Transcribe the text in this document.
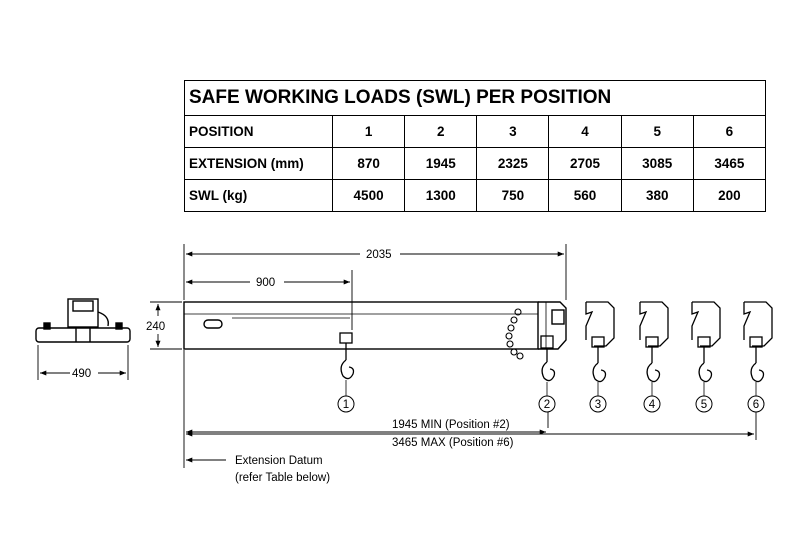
SAFE WORKING LOADS (SWL) PER POSITION						
POSITION	1	2	3	4	5	6
EXTENSION (mm)	870	1945	2325	2705	3085	3465
SWL (kg)	4500	1300	750	560	380	200
490
240
1	2	3	4	5	6
2035
900
1945 MIN (Position #2)
3465 MAX (Position #6)
Extension Datum
(refer Table below)
